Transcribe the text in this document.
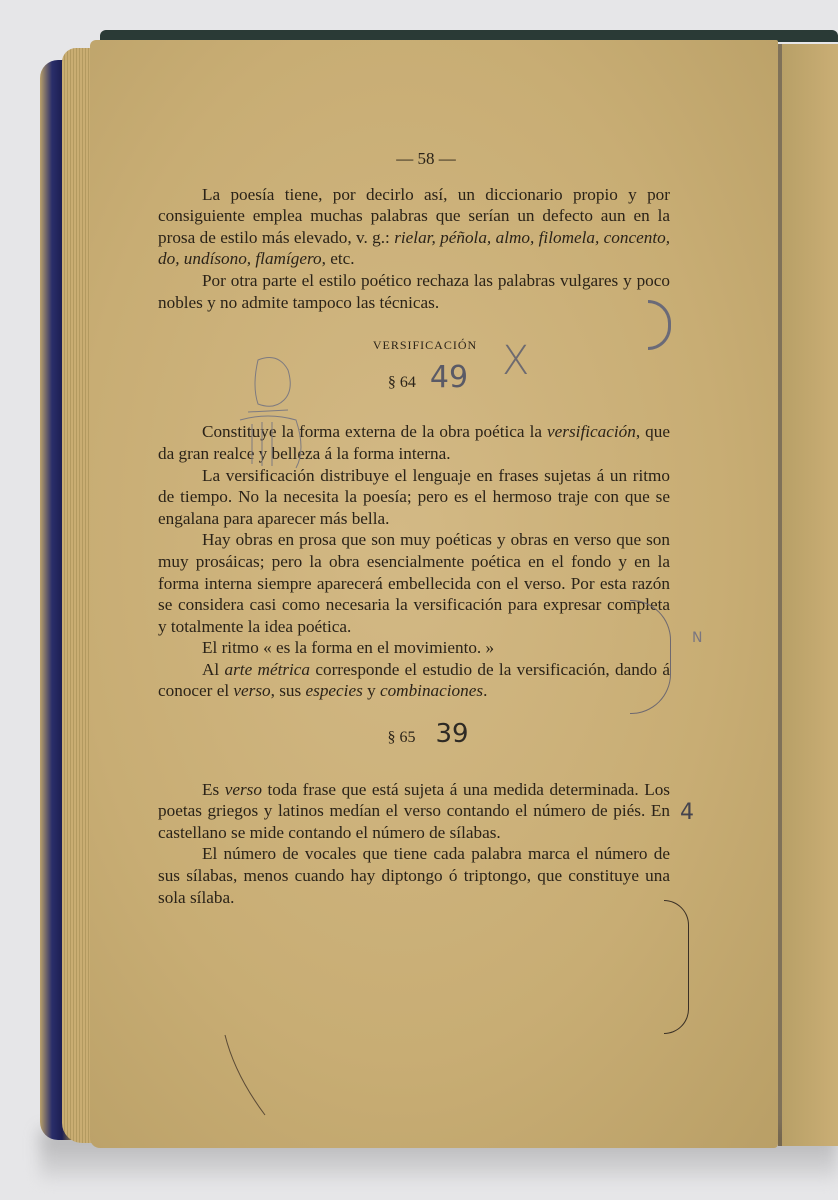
— 58 —

La poesía tiene, por decirlo así, un diccionario propio y por consiguiente emplea muchas palabras que serían un defecto aun en la prosa de estilo más elevado, v. g.: rielar, péñola, almo, filomela, concento, do, undísono, flamígero, etc.

Por otra parte el estilo poético rechaza las palabras vulgares y poco nobles y no admite tampoco las técnicas.

VERSIFICACIÓN
§ 64 49

Constituye la forma externa de la obra poética la versificación, que da gran realce y belleza á la forma interna.

La versificación distribuye el lenguaje en frases sujetas á un ritmo de tiempo. No la necesita la poesía; pero es el hermoso traje con que se engalana para aparecer más bella.

Hay obras en prosa que son muy poéticas y obras en verso que son muy prosáicas; pero la obra esencialmente poética en el fondo y en la forma interna siempre aparecerá embellecida con el verso. Por esta razón se considera casi como necesaria la versificación para expresar completa y totalmente la idea poética.

El ritmo « es la forma en el movimiento. »

Al arte métrica corresponde el estudio de la versificación, dando á conocer el verso, sus especies y combinaciones.

§ 65 39

Es verso toda frase que está sujeta á una medida determinada. Los poetas griegos y latinos medían el verso contando el número de piés. En castellano se mide contando el número de sílabas.

El número de vocales que tiene cada palabra marca el número de sus sílabas, menos cuando hay diptongo ó triptongo, que constituye una sola sílaba.

X
N
4
